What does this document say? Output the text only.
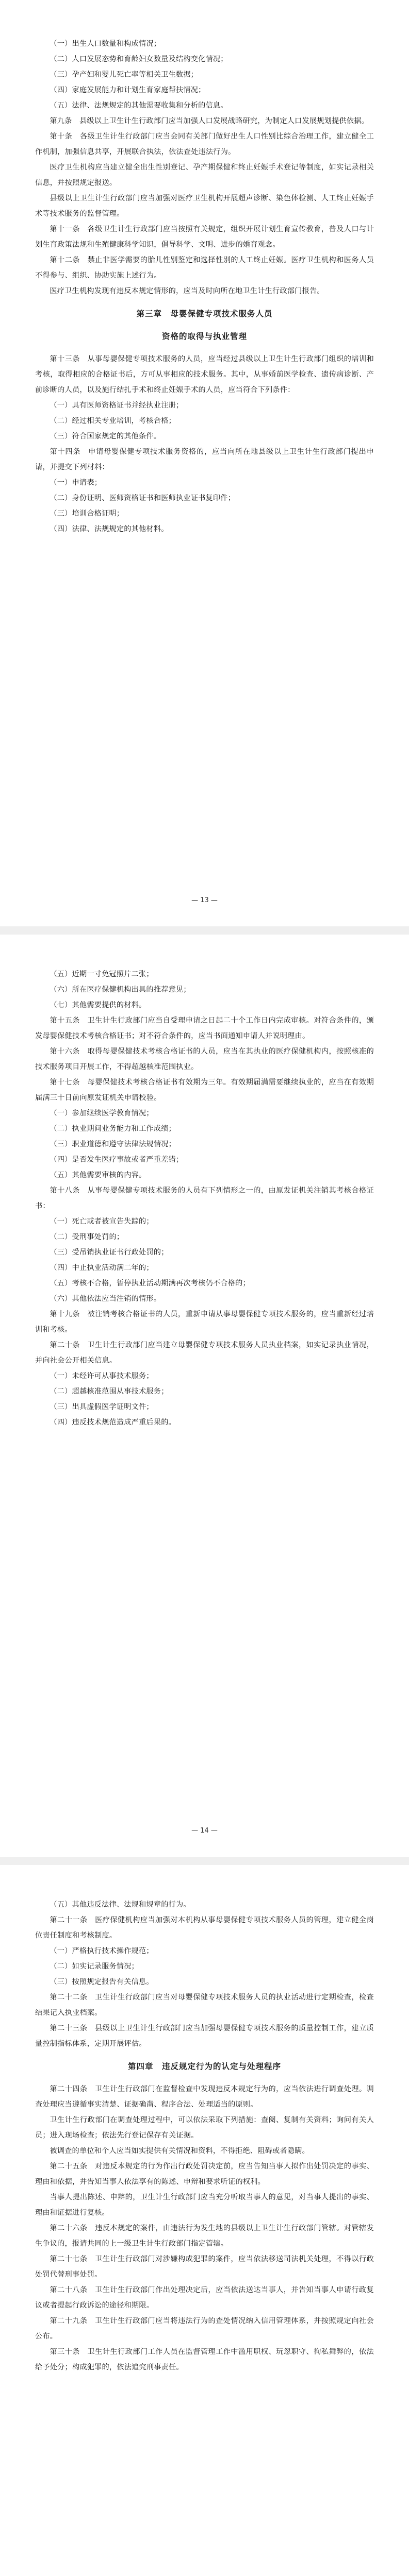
（一）出生人口数量和构成情况；

（二）人口发展态势和育龄妇女数量及结构变化情况；

（三）孕产妇和婴儿死亡率等相关卫生数据；

（四）家庭发展能力和计划生育家庭帮扶情况；

（五）法律、法规规定的其他需要收集和分析的信息。

第九条　县级以上卫生计生行政部门应当加强人口发展战略研究，为制定人口发展规划提供依据。

第十条　各级卫生计生行政部门应当会同有关部门做好出生人口性别比综合治理工作，建立健全工作机制，加强信息共享，开展联合执法，依法查处违法行为。

医疗卫生机构应当建立健全出生性别登记、孕产期保健和终止妊娠手术登记等制度，如实记录相关信息，并按照规定报送。

县级以上卫生计生行政部门应当加强对医疗卫生机构开展超声诊断、染色体检测、人工终止妊娠手术等技术服务的监督管理。

第十一条　各级卫生计生行政部门应当按照有关规定，组织开展计划生育宣传教育，普及人口与计划生育政策法规和生殖健康科学知识，倡导科学、文明、进步的婚育观念。

第十二条　禁止非医学需要的胎儿性别鉴定和选择性别的人工终止妊娠。医疗卫生机构和医务人员不得参与、组织、协助实施上述行为。

医疗卫生机构发现有违反本规定情形的，应当及时向所在地卫生计生行政部门报告。

第三章　母婴保健专项技术服务人员
资格的取得与执业管理

第十三条　从事母婴保健专项技术服务的人员，应当经过县级以上卫生计生行政部门组织的培训和考核，取得相应的合格证书后，方可从事相应的技术服务。其中，从事婚前医学检查、遗传病诊断、产前诊断的人员，以及施行结扎手术和终止妊娠手术的人员，应当符合下列条件：

（一）具有医师资格证书并经执业注册；

（二）经过相关专业培训，考核合格；

（三）符合国家规定的其他条件。

第十四条　申请母婴保健专项技术服务资格的，应当向所在地县级以上卫生计生行政部门提出申请，并提交下列材料：

（一）申请表；

（二）身份证明、医师资格证书和医师执业证书复印件；

（三）培训合格证明；

（四）法律、法规规定的其他材料。

— 13 —

（五）近期一寸免冠照片二张；

（六）所在医疗保健机构出具的推荐意见；

（七）其他需要提供的材料。

第十五条　卫生计生行政部门应当自受理申请之日起二十个工作日内完成审核。对符合条件的，颁发母婴保健技术考核合格证书；对不符合条件的，应当书面通知申请人并说明理由。

第十六条　取得母婴保健技术考核合格证书的人员，应当在其执业的医疗保健机构内，按照核准的技术服务项目开展工作，不得超越核准范围执业。

第十七条　母婴保健技术考核合格证书有效期为三年。有效期届满需要继续执业的，应当在有效期届满三十日前向原发证机关申请校验。

（一）参加继续医学教育情况；

（二）执业期间业务能力和工作成绩；

（三）职业道德和遵守法律法规情况；

（四）是否发生医疗事故或者严重差错；

（五）其他需要审核的内容。

第十八条　从事母婴保健专项技术服务的人员有下列情形之一的，由原发证机关注销其考核合格证书：

（一）死亡或者被宣告失踪的；

（二）受刑事处罚的；

（三）受吊销执业证书行政处罚的；

（四）中止执业活动满二年的；

（五）考核不合格，暂停执业活动期满再次考核仍不合格的；

（六）其他依法应当注销的情形。

第十九条　被注销考核合格证书的人员，重新申请从事母婴保健专项技术服务的，应当重新经过培训和考核。

第二十条　卫生计生行政部门应当建立母婴保健专项技术服务人员执业档案，如实记录执业情况，并向社会公开相关信息。

（一）未经许可从事技术服务；

（二）超越核准范围从事技术服务；

（三）出具虚假医学证明文件；

（四）违反技术规范造成严重后果的。

— 14 —

（五）其他违反法律、法规和规章的行为。

第二十一条　医疗保健机构应当加强对本机构从事母婴保健专项技术服务人员的管理，建立健全岗位责任制度和考核制度。

（一）严格执行技术操作规范；

（二）如实记录服务情况；

（三）按照规定报告有关信息。

第二十二条　卫生计生行政部门应当对母婴保健专项技术服务人员的执业活动进行定期检查，检查结果记入执业档案。

第二十三条　县级以上卫生计生行政部门应当加强母婴保健专项技术服务的质量控制工作，建立质量控制指标体系，定期开展评估。

第四章　违反规定行为的认定与处理程序

第二十四条　卫生计生行政部门在监督检查中发现违反本规定行为的，应当依法进行调查处理。调查处理应当遵循事实清楚、证据确凿、程序合法、处理适当的原则。

卫生计生行政部门在调查处理过程中，可以依法采取下列措施：查阅、复制有关资料；询问有关人员；进入现场检查；依法先行登记保存有关证据。

被调查的单位和个人应当如实提供有关情况和资料，不得拒绝、阻碍或者隐瞒。

第二十五条　对违反本规定的行为作出行政处罚决定前，应当告知当事人拟作出处罚决定的事实、理由和依据，并告知当事人依法享有的陈述、申辩和要求听证的权利。

当事人提出陈述、申辩的，卫生计生行政部门应当充分听取当事人的意见，对当事人提出的事实、理由和证据进行复核。

第二十六条　违反本规定的案件，由违法行为发生地的县级以上卫生计生行政部门管辖。对管辖发生争议的，报请共同的上一级卫生计生行政部门指定管辖。

第二十七条　卫生计生行政部门对涉嫌构成犯罪的案件，应当依法移送司法机关处理，不得以行政处罚代替刑事处罚。

第二十八条　卫生计生行政部门作出处理决定后，应当依法送达当事人，并告知当事人申请行政复议或者提起行政诉讼的途径和期限。

第二十九条　卫生计生行政部门应当将违法行为的查处情况纳入信用管理体系，并按照规定向社会公布。

第三十条　卫生计生行政部门工作人员在监督管理工作中滥用职权、玩忽职守、徇私舞弊的，依法给予处分；构成犯罪的，依法追究刑事责任。
